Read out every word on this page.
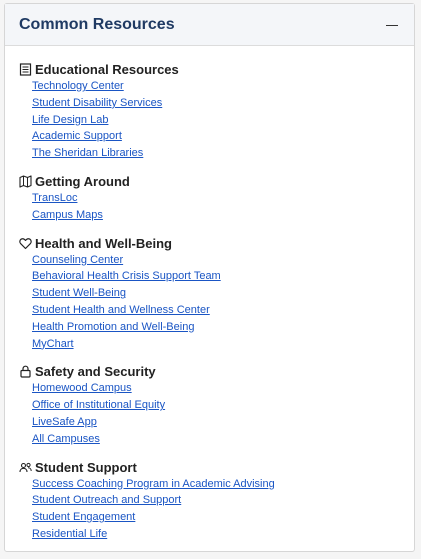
Common Resources
Educational Resources
Technology Center
Student Disability Services
Life Design Lab
Academic Support
The Sheridan Libraries
Getting Around
TransLoc
Campus Maps
Health and Well-Being
Counseling Center
Behavioral Health Crisis Support Team
Student Well-Being
Student Health and Wellness Center
Health Promotion and Well-Being
MyChart
Safety and Security
Homewood Campus
Office of Institutional Equity
LiveSafe App
All Campuses
Student Support
Success Coaching Program in Academic Advising
Student Outreach and Support
Student Engagement
Residential Life
